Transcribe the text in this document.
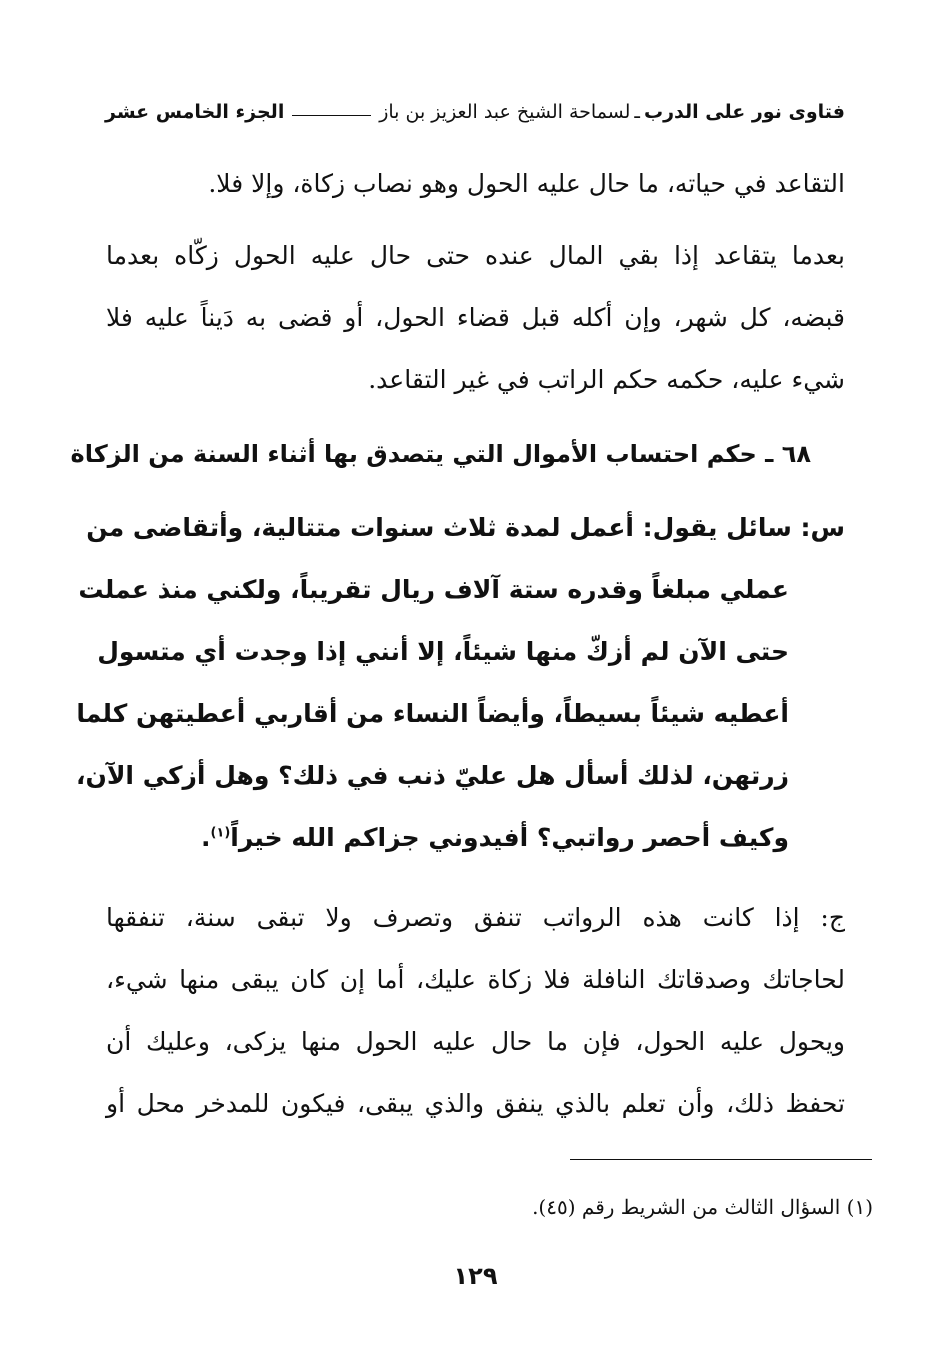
فتاوى نور على الدرب
ـ
لسماحة الشيخ عبد العزيز بن باز
الجزء الخامس عشر
التقاعد في حياته، ما حال عليه الحول وهو نصاب زكاة، وإلا فلا.
بعدما يتقاعد إذا بقي المال عنده حتى حال عليه الحول زكّاه بعدما
قبضه، كل شهر، وإن أكله قبل قضاء الحول، أو قضى به دَيناً عليه فلا
شيء عليه، حكمه حكم الراتب في غير التقاعد.
٦٨ ـ حكم احتساب الأموال التي يتصدق بها أثناء السنة من الزكاة
س: سائل يقول: أعمل لمدة ثلاث سنوات متتالية، وأتقاضى من
عملي مبلغاً وقدره ستة آلاف ريال تقريباً، ولكني منذ عملت
حتى الآن لم أزكّ منها شيئاً، إلا أنني إذا وجدت أي متسول
أعطيه شيئاً بسيطاً، وأيضاً النساء من أقاربي أعطيتهن كلما
زرتهن، لذلك أسأل هل عليّ ذنب في ذلك؟ وهل أزكي الآن،
وكيف أحصر رواتبي؟ أفيدوني جزاكم الله خيراً$^{(١)}$.
ج: إذا كانت هذه الرواتب تنفق وتصرف ولا تبقى سنة، تنفقها
لحاجاتك وصدقاتك النافلة فلا زكاة عليك، أما إن كان يبقى منها شيء،
ويحول عليه الحول، فإن ما حال عليه الحول منها يزكى، وعليك أن
تحفظ ذلك، وأن تعلم بالذي ينفق والذي يبقى، فيكون للمدخر محل أو
(١) السؤال الثالث من الشريط رقم (٤٥).
١٢٩
